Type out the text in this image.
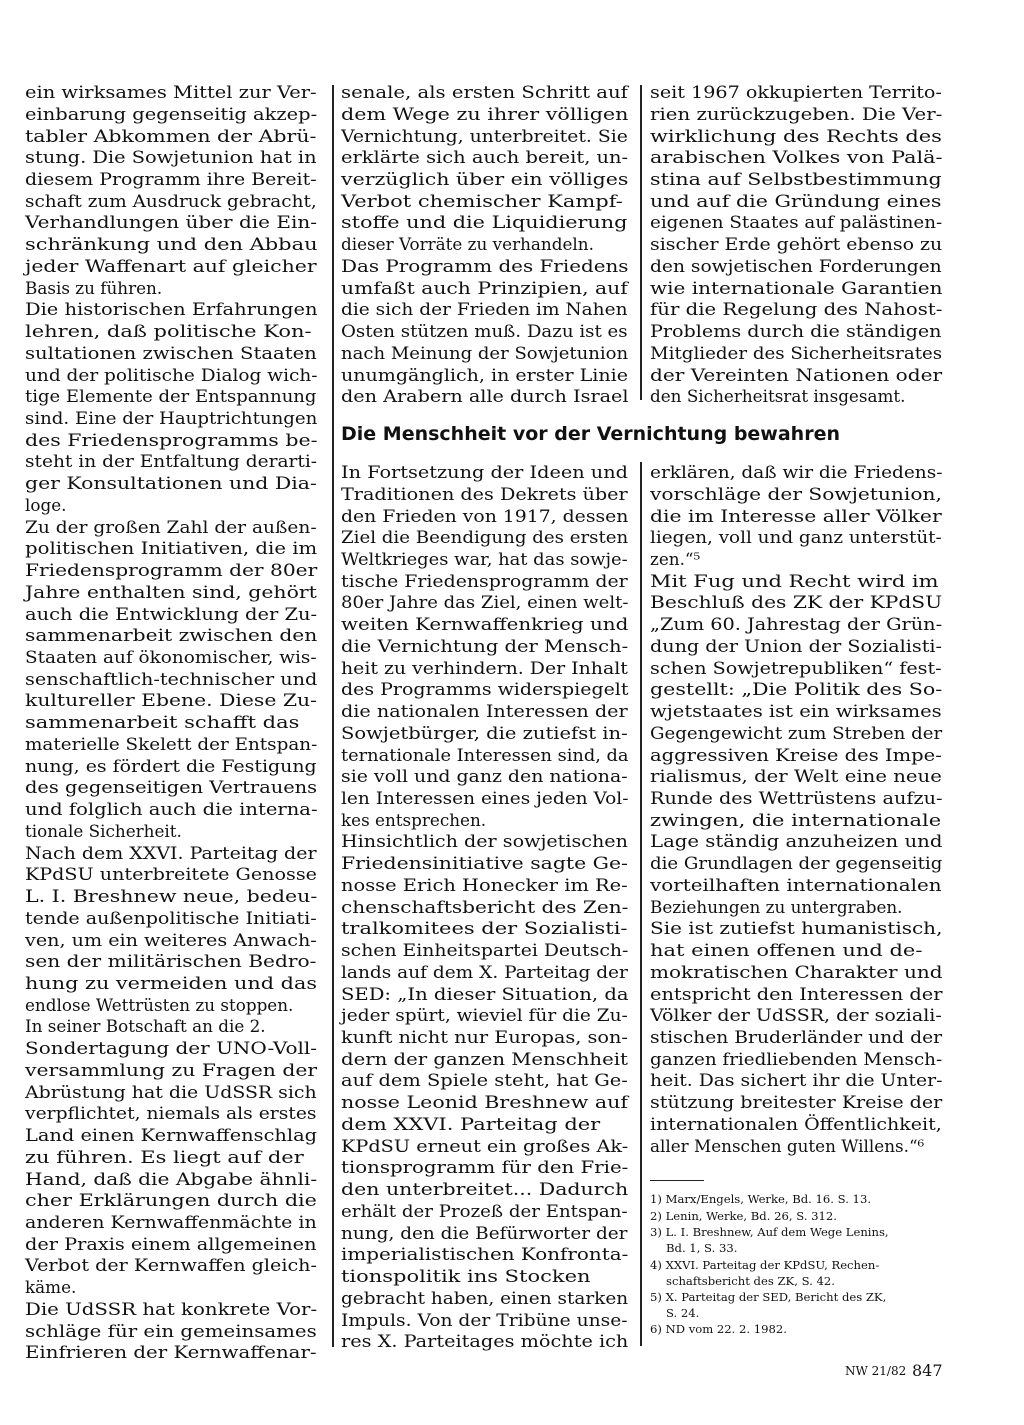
ein wirksames Mittel zur Ver-
einbarung gegenseitig akzep-
tabler Abkommen der Abrü-
stung. Die Sowjetunion hat in
diesem Programm ihre Bereit-
schaft zum Ausdruck gebracht,
Verhandlungen über die Ein-
schränkung und den Abbau
jeder Waffenart auf gleicher
Basis zu führen.
Die historischen Erfahrungen
lehren, daß politische Kon-
sultationen zwischen Staaten
und der politische Dialog wich-
tige Elemente der Entspannung
sind. Eine der Hauptrichtungen
des Friedensprogramms be-
steht in der Entfaltung derarti-
ger Konsultationen und Dia-
loge.
Zu der großen Zahl der außen-
politischen Initiativen, die im
Friedensprogramm der 80er
Jahre enthalten sind, gehört
auch die Entwicklung der Zu-
sammenarbeit zwischen den
Staaten auf ökonomischer, wis-
senschaftlich-technischer und
kultureller Ebene. Diese Zu-
sammenarbeit schafft das
materielle Skelett der Entspan-
nung, es fördert die Festigung
des gegenseitigen Vertrauens
und folglich auch die interna-
tionale Sicherheit.
Nach dem XXVI. Parteitag der
KPdSU unterbreitete Genosse
L. I. Breshnew neue, bedeu-
tende außenpolitische Initiati-
ven, um ein weiteres Anwach-
sen der militärischen Bedro-
hung zu vermeiden und das
endlose Wettrüsten zu stoppen.
In seiner Botschaft an die 2.
Sondertagung der UNO-Voll-
versammlung zu Fragen der
Abrüstung hat die UdSSR sich
verpflichtet, niemals als erstes
Land einen Kernwaffenschlag
zu führen. Es liegt auf der
Hand, daß die Abgabe ähnli-
cher Erklärungen durch die
anderen Kernwaffenmächte in
der Praxis einem allgemeinen
Verbot der Kernwaffen gleich-
käme.
Die UdSSR hat konkrete Vor-
schläge für ein gemeinsames
Einfrieren der Kernwaffenar-
senale, als ersten Schritt auf
dem Wege zu ihrer völligen
Vernichtung, unterbreitet. Sie
erklärte sich auch bereit, un-
verzüglich über ein völliges
Verbot chemischer Kampf-
stoffe und die Liquidierung
dieser Vorräte zu verhandeln.
Das Programm des Friedens
umfaßt auch Prinzipien, auf
die sich der Frieden im Nahen
Osten stützen muß. Dazu ist es
nach Meinung der Sowjetunion
unumgänglich, in erster Linie
den Arabern alle durch Israel
seit 1967 okkupierten Territo-
rien zurückzugeben. Die Ver-
wirklichung des Rechts des
arabischen Volkes von Palä-
stina auf Selbstbestimmung
und auf die Gründung eines
eigenen Staates auf palästinen-
sischer Erde gehört ebenso zu
den sowjetischen Forderungen
wie internationale Garantien
für die Regelung des Nahost-
Problems durch die ständigen
Mitglieder des Sicherheitsrates
der Vereinten Nationen oder
den Sicherheitsrat insgesamt.
Die Menschheit vor der Vernichtung bewahren
In Fortsetzung der Ideen und
Traditionen des Dekrets über
den Frieden von 1917, dessen
Ziel die Beendigung des ersten
Weltkrieges war, hat das sowje-
tische Friedensprogramm der
80er Jahre das Ziel, einen welt-
weiten Kernwaffenkrieg und
die Vernichtung der Mensch-
heit zu verhindern. Der Inhalt
des Programms widerspiegelt
die nationalen Interessen der
Sowjetbürger, die zutiefst in-
ternationale Interessen sind, da
sie voll und ganz den nationa-
len Interessen eines jeden Vol-
kes entsprechen.
Hinsichtlich der sowjetischen
Friedensinitiative sagte Ge-
nosse Erich Honecker im Re-
chenschaftsbericht des Zen-
tralkomitees der Sozialisti-
schen Einheitspartei Deutsch-
lands auf dem X. Parteitag der
SED: „In dieser Situation, da
jeder spürt, wieviel für die Zu-
kunft nicht nur Europas, son-
dern der ganzen Menschheit
auf dem Spiele steht, hat Ge-
nosse Leonid Breshnew auf
dem XXVI. Parteitag der
KPdSU erneut ein großes Ak-
tionsprogramm für den Frie-
den unterbreitet... Dadurch
erhält der Prozeß der Entspan-
nung, den die Befürworter der
imperialistischen Konfronta-
tionspolitik ins Stocken
gebracht haben, einen starken
Impuls. Von der Tribüne unse-
res X. Parteitages möchte ich
erklären, daß wir die Friedens-
vorschläge der Sowjetunion,
die im Interesse aller Völker
liegen, voll und ganz unterstüt-
zen.“⁵
Mit Fug und Recht wird im
Beschluß des ZK der KPdSU
„Zum 60. Jahrestag der Grün-
dung der Union der Sozialisti-
schen Sowjetrepubliken“ fest-
gestellt: „Die Politik des So-
wjetstaates ist ein wirksames
Gegengewicht zum Streben der
aggressiven Kreise des Impe-
rialismus, der Welt eine neue
Runde des Wettrüstens aufzu-
zwingen, die internationale
Lage ständig anzuheizen und
die Grundlagen der gegenseitig
vorteilhaften internationalen
Beziehungen zu untergraben.
Sie ist zutiefst humanistisch,
hat einen offenen und de-
mokratischen Charakter und
entspricht den Interessen der
Völker der UdSSR, der soziali-
stischen Bruderländer und der
ganzen friedliebenden Mensch-
heit. Das sichert ihr die Unter-
stützung breitester Kreise der
internationalen Öffentlichkeit,
aller Menschen guten Willens.“⁶
1) Marx/Engels, Werke, Bd. 16. S. 13.
2) Lenin, Werke, Bd. 26, S. 312.
3) L. I. Breshnew, Auf dem Wege Lenins,
Bd. 1, S. 33.
4) XXVI. Parteitag der KPdSU, Rechen-
schaftsbericht des ZK, S. 42.
5) X. Parteitag der SED, Bericht des ZK,
S. 24.
6) ND vom 22. 2. 1982.
NW 21/82 847
